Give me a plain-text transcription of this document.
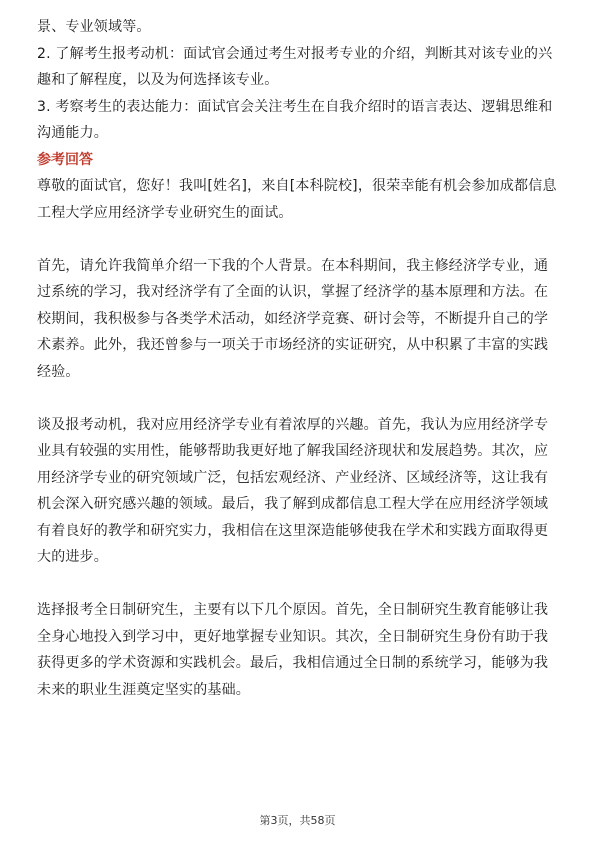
景、专业领域等。

2. 了解考生报考动机：面试官会通过考生对报考专业的介绍，判断其对该专业的兴

趣和了解程度，以及为何选择该专业。

3. 考察考生的表达能力：面试官会关注考生在自我介绍时的语言表达、逻辑思维和

沟通能力。

参考回答

尊敬的面试官，您好！我叫[姓名]，来自[本科院校]，很荣幸能有机会参加成都信息

工程大学应用经济学专业研究生的面试。

首先，请允许我简单介绍一下我的个人背景。在本科期间，我主修经济学专业，通

过系统的学习，我对经济学有了全面的认识，掌握了经济学的基本原理和方法。在

校期间，我积极参与各类学术活动，如经济学竞赛、研讨会等，不断提升自己的学

术素养。此外，我还曾参与一项关于市场经济的实证研究，从中积累了丰富的实践

经验。

谈及报考动机，我对应用经济学专业有着浓厚的兴趣。首先，我认为应用经济学专

业具有较强的实用性，能够帮助我更好地了解我国经济现状和发展趋势。其次，应

用经济学专业的研究领域广泛，包括宏观经济、产业经济、区域经济等，这让我有

机会深入研究感兴趣的领域。最后，我了解到成都信息工程大学在应用经济学领域

有着良好的教学和研究实力，我相信在这里深造能够使我在学术和实践方面取得更

大的进步。

选择报考全日制研究生，主要有以下几个原因。首先，全日制研究生教育能够让我

全身心地投入到学习中，更好地掌握专业知识。其次，全日制研究生身份有助于我

获得更多的学术资源和实践机会。最后，我相信通过全日制的系统学习，能够为我

未来的职业生涯奠定坚实的基础。

第3页，共58页
